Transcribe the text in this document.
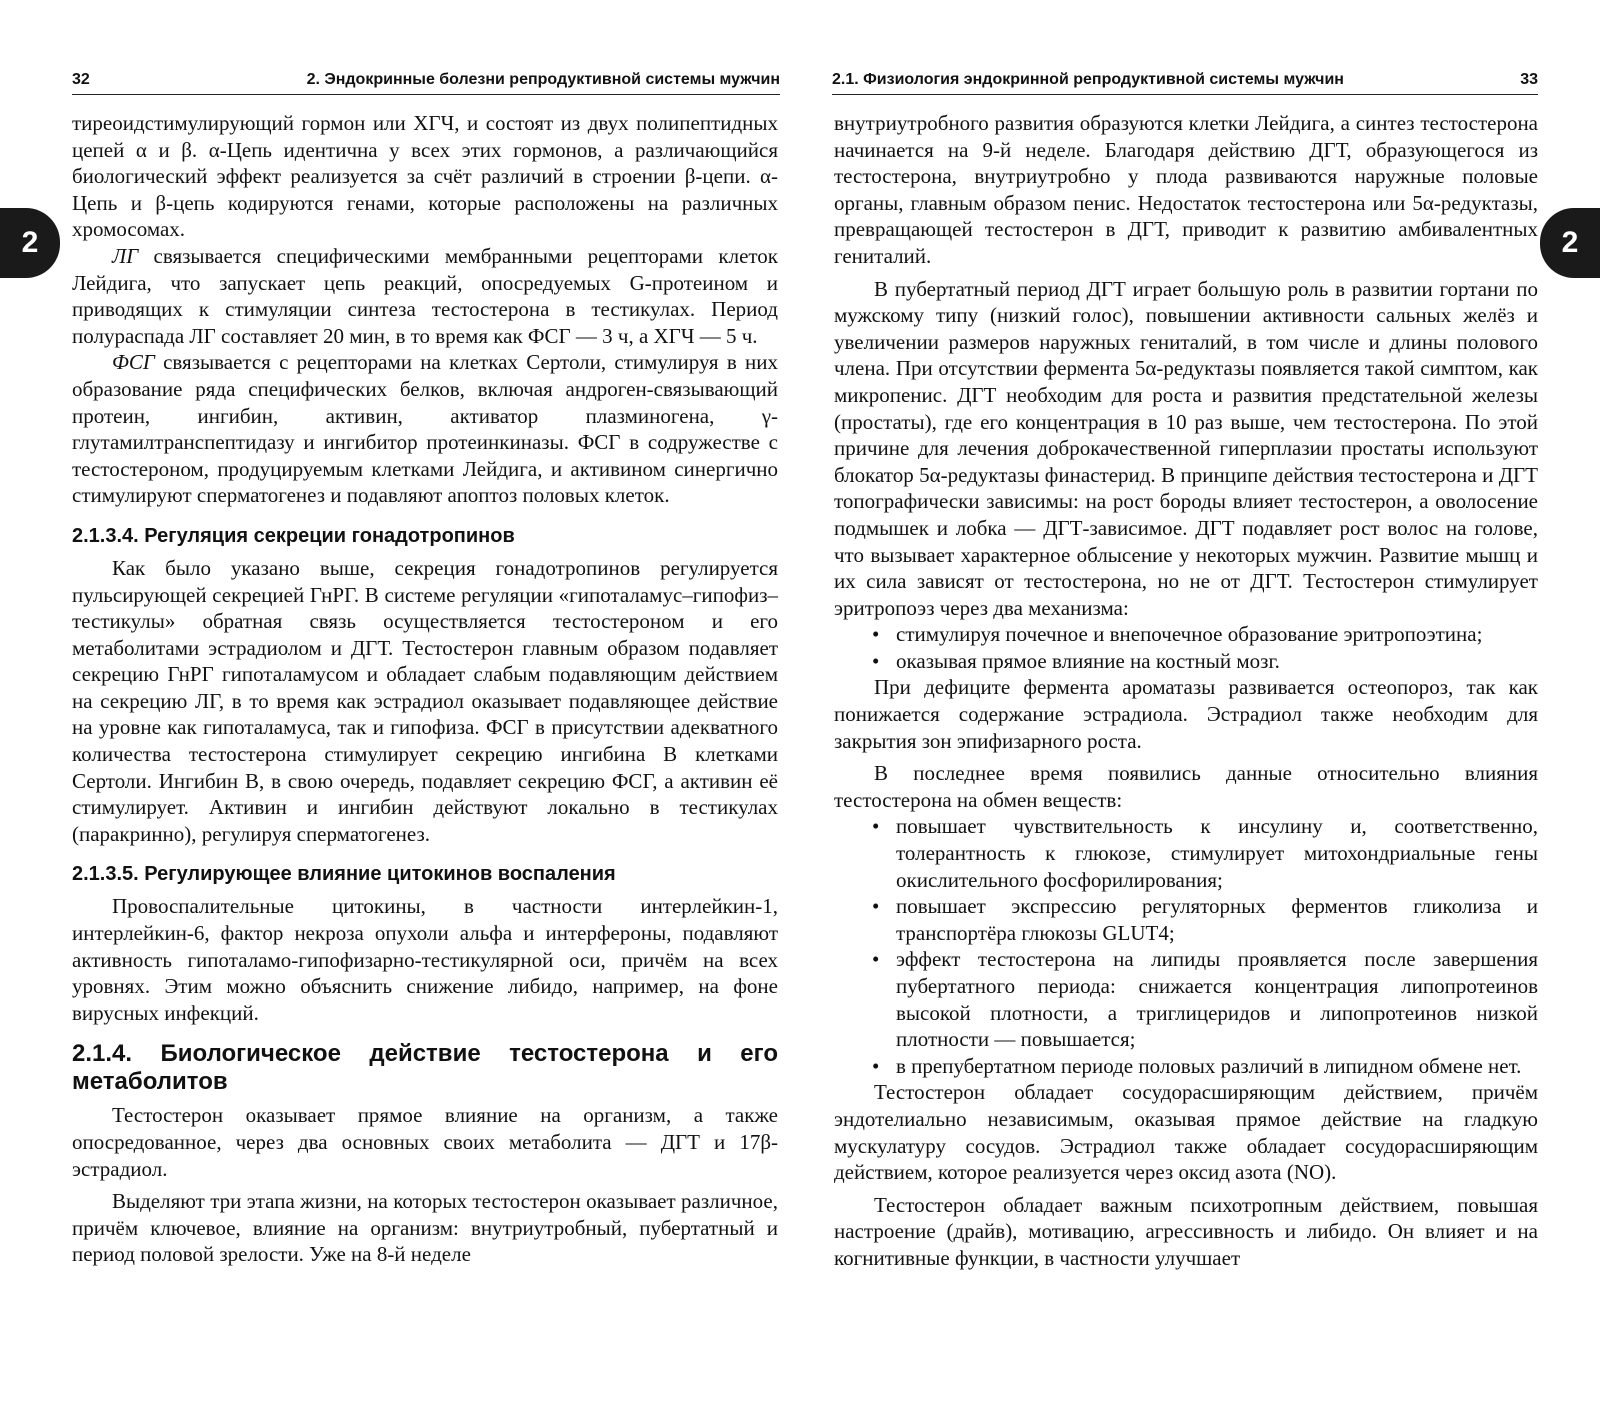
32	2. Эндокринные болезни репродуктивной системы мужчин
2

тиреоидстимулирующий гормон или ХГЧ, и состоят из двух полипептидных цепей α и β. α-Цепь идентична у всех этих гормонов, а различающийся биологический эффект реализуется за счёт различий в строении β-цепи. α-Цепь и β-цепь кодируются генами, которые расположены на различных хромосомах.

ЛГ связывается специфическими мембранными рецепторами клеток Лейдига, что запускает цепь реакций, опосредуемых G-протеином и приводящих к стимуляции синтеза тестостерона в тестикулах. Период полураспада ЛГ составляет 20 мин, в то время как ФСГ — 3 ч, а ХГЧ — 5 ч.

ФСГ связывается с рецепторами на клетках Сертоли, стимулируя в них образование ряда специфических белков, включая андроген-связывающий протеин, ингибин, активин, активатор плазминогена, γ-глутамилтранспептидазу и ингибитор протеинкиназы. ФСГ в содружестве с тестостероном, продуцируемым клетками Лейдига, и активином синергично стимулируют сперматогенез и подавляют апоптоз половых клеток.

2.1.3.4. Регуляция секреции гонадотропинов

Как было указано выше, секреция гонадотропинов регулируется пульсирующей секрецией ГнРГ. В системе регуляции «гипоталамус–гипофиз–тестикулы» обратная связь осуществляется тестостероном и его метаболитами эстрадиолом и ДГТ. Тестостерон главным образом подавляет секрецию ГнРГ гипоталамусом и обладает слабым подавляющим действием на секрецию ЛГ, в то время как эстрадиол оказывает подавляющее действие на уровне как гипоталамуса, так и гипофиза. ФСГ в присутствии адекватного количества тестостерона стимулирует секрецию ингибина В клетками Сертоли. Ингибин В, в свою очередь, подавляет секрецию ФСГ, а активин её стимулирует. Активин и ингибин действуют локально в тестикулах (паракринно), регулируя сперматогенез.

2.1.3.5. Регулирующее влияние цитокинов воспаления

Провоспалительные цитокины, в частности интерлейкин-1, интерлейкин-6, фактор некроза опухоли альфа и интерфероны, подавляют активность гипоталамо-гипофизарно-тестикулярной оси, причём на всех уровнях. Этим можно объяснить снижение либидо, например, на фоне вирусных инфекций.

2.1.4. Биологическое действие тестостерона и его метаболитов

Тестостерон оказывает прямое влияние на организм, а также опосредованное, через два основных своих метаболита — ДГТ и 17β-эстрадиол.

Выделяют три этапа жизни, на которых тестостерон оказывает различное, причём ключевое, влияние на организм: внутриутробный, пубертатный и период половой зрелости. Уже на 8-й неделе

2.1. Физиология эндокринной репродуктивной системы мужчин	33
2

внутриутробного развития образуются клетки Лейдига, а синтез тестостерона начинается на 9-й неделе. Благодаря действию ДГТ, образующегося из тестостерона, внутриутробно у плода развиваются наружные половые органы, главным образом пенис. Недостаток тестостерона или 5α-редуктазы, превращающей тестостерон в ДГТ, приводит к развитию амбивалентных гениталий.

В пубертатный период ДГТ играет большую роль в развитии гортани по мужскому типу (низкий голос), повышении активности сальных желёз и увеличении размеров наружных гениталий, в том числе и длины полового члена. При отсутствии фермента 5α-редуктазы появляется такой симптом, как микропенис. ДГТ необходим для роста и развития предстательной железы (простаты), где его концентрация в 10 раз выше, чем тестостерона. По этой причине для лечения доброкачественной гиперплазии простаты используют блокатор 5α-редуктазы финастерид. В принципе действия тестостерона и ДГТ топографически зависимы: на рост бороды влияет тестостерон, а оволосение подмышек и лобка — ДГТ-зависимое. ДГТ подавляет рост волос на голове, что вызывает характерное облысение у некоторых мужчин. Развитие мышц и их сила зависят от тестостерона, но не от ДГТ. Тестостерон стимулирует эритропоэз через два механизма:

• стимулируя почечное и внепочечное образование эритропоэтина;
• оказывая прямое влияние на костный мозг.

При дефиците фермента ароматазы развивается остеопороз, так как понижается содержание эстрадиола. Эстрадиол также необходим для закрытия зон эпифизарного роста.

В последнее время появились данные относительно влияния тестостерона на обмен веществ:

• повышает чувствительность к инсулину и, соответственно, толерантность к глюкозе, стимулирует митохондриальные гены окислительного фосфорилирования;
• повышает экспрессию регуляторных ферментов гликолиза и транспортёра глюкозы GLUT4;
• эффект тестостерона на липиды проявляется после завершения пубертатного периода: снижается концентрация липопротеинов высокой плотности, а триглицеридов и липопротеинов низкой плотности — повышается;
• в препубертатном периоде половых различий в липидном обмене нет.

Тестостерон обладает сосудорасширяющим действием, причём эндотелиально независимым, оказывая прямое действие на гладкую мускулатуру сосудов. Эстрадиол также обладает сосудорасширяющим действием, которое реализуется через оксид азота (NO).

Тестостерон обладает важным психотропным действием, повышая настроение (драйв), мотивацию, агрессивность и либидо. Он влияет и на когнитивные функции, в частности улучшает
